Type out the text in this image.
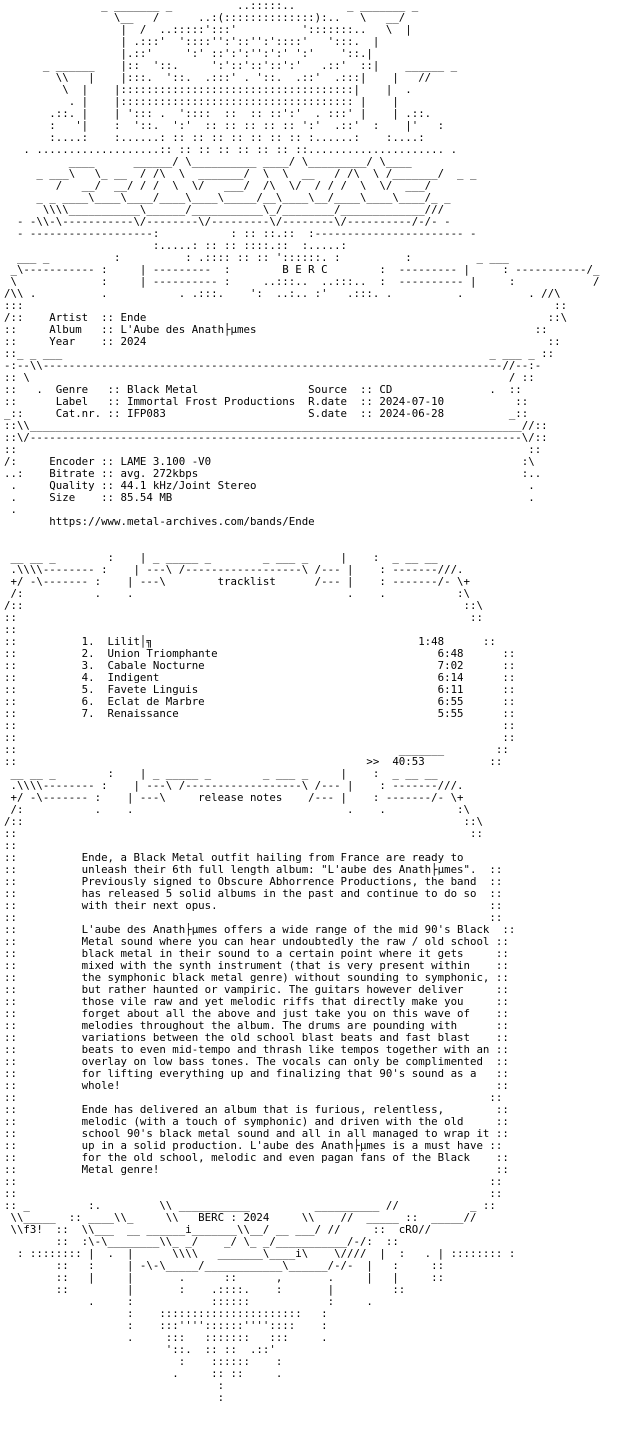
_ _______ _          ..:::::..        _ _______ _
\__   /      ..:(::::::::::::::):..   \   __/
|  /  ..:::::':::'          ':::::::..   \  |
| .:::'  '::::'':'::'':'::::'   ':::.  |
|.::'     ':' ::':':'':':' ':'    '::.|
_ ______    |::  '::.     ':'::'::'::':'   .::'  ::|    ______ _
\\   |    |:::.  '::.  .:::' . '::.  .::'  .:::|    |   //
\  |    |::::::::::::::::::::::::::::::::::::|    |  .
. |    |:::::::::::::::::::::::::::::::::::: |    |
.::. |    | '::: .  '::::  ::  :: ::':'  . :::' |    | .::.
:   '|    :  '::.  ':'  :: :: :: :: :: ':'  .::'  :    |'   :
:....:    :......: :: :: :: :: :: :: :: :......:    :....:
. ...................:: :: :: :: :: :: :: ::..................... .
____      ______/ \__________ ____/ \_________/ \____
_ ___\   \_ __  / /\  \  _______/  \  \  __   / /\  \ /_______/  _ _
/   __/  __/ / /  \  \/   ___/  /\  \/  / / /  \  \/  ___/
_ _ ____\____\____/____\____\_____/__\____\__/____\____\____/_ _
\\\\___________\______/___________\_/________/_____________///
- -\\-\-----------\/--------\/---------\/--------\/----------/-/- -
- -------------------:           : :: ::.::  :----------------------- -
:.....: :: :: ::::.::  :.....:
___ _          :          : .:::: :: :: '::::::. :          :          _ ___
_\----------- :     | ---------  :        B E R C        :  --------- |     : -----------/_
\             :     | ---------- :     ..:::..  ..:::..  :  ---------- |     :            /
/\\ .          .           . .:::.    ':  ..:.. :'   .:::. .          .          . //\
:::                                                                                  ::
/::    Artist  :: Ende                                                              ::\
::     Album   :: L'Aube des Anath├µmes                                           ::
::     Year    :: 2024                                                              ::
::_ _ ___                                                                  _ ___ _ ::
-:--\\-----------------------------------------------------------------------//--:-
:: \                                                                          / ::
::   .  Genre   :: Black Metal                 Source  :: CD               .  ::
::      Label   :: Immortal Frost Productions  R.date  :: 2024-07-10           ::
_::     Cat.nr. :: IFP083                      S.date  :: 2024-06-28          _::
::\\____________________________________________________________________________//::
::\/----------------------------------------------------------------------------\/::
::                                                                               ::
/:     Encoder :: LAME 3.100 -V0                                                :\
..:    Bitrate :: avg. 272kbps                                                  :..
.     Quality :: 44.1 kHz/Joint Stereo                                          .
.     Size    :: 85.54 MB                                                       .
.
https://www.metal-archives.com/bands/Ende
__ __ _        :    | _ _____ _        _ ___ _     |    :  _ __ __
.\\\\-------- :    | ---\ /------------------\ /--- |    : -------///.
+/ -\------- :    | ---\        tracklist      /--- |    : -------/- \+
/:           .    .                                 .    .           :\
/::                                                                    ::\
::                                                                      ::
::
::          1.  Lilit│╗                                         1:48      ::
::          2.  Union Triomphante                                  6:48      ::
::          3.  Cabale Nocturne                                    7:02      ::
::          4.  Indigent                                           6:14      ::
::          5.  Favete Linguis                                     6:11      ::
::          6.  Eclat de Marbre                                    6:55      ::
::          7.  Renaissance                                        5:55      ::
::                                                                           ::
::                                                                           ::
::                                                           _______        ::
::                                                      >>  40:53          ::
__ __ _        :    | _ _____ _        _ ___ _     |    :  _ __ __
.\\\\-------- :    | ---\ /------------------\ /--- |    : -------///.
+/ -\------- :    | ---\     release notes    /--- |    : -------/- \+
/:           .    .                                 .    .           :\
/::                                                                    ::\
::                                                                      ::
::
::          Ende, a Black Metal outfit hailing from France are ready to
::          unleash their 6th full length album: "L'aube des Anath├µmes".  ::
::          Previously signed to Obscure Abhorrence Productions, the band  ::
::          has released 5 solid albums in the past and continue to do so  ::
::          with their next opus.                                          ::
::                                                                         ::
::          L'aube des Anath├µmes offers a wide range of the mid 90's Black  ::
::          Metal sound where you can hear undoubtedly the raw / old school ::
::          black metal in their sound to a certain point where it gets     ::
::          mixed with the synth instrument (that is very present within    ::
::          the symphonic black metal genre) without sounding to symphonic, ::
::          but rather haunted or vampiric. The guitars however deliver     ::
::          those vile raw and yet melodic riffs that directly make you     ::
::          forget about all the above and just take you on this wave of    ::
::          melodies throughout the album. The drums are pounding with      ::
::          variations between the old school blast beats and fast blast    ::
::          beats to even mid-tempo and thrash like tempos together with an ::
::          overlay on low bass tones. The vocals can only be complimented  ::
::          for lifting everything up and finalizing that 90's sound as a   ::
::          whole!                                                          ::
::                                                                         ::
::          Ende has delivered an album that is furious, relentless,        ::
::          melodic (with a touch of symphonic) and driven with the old     ::
::          school 90's black metal sound and all in all managed to wrap it ::
::          up in a solid production. L'aube des Anath├µmes is a must have ::
::          for the old school, melodic and even pagan fans of the Black    ::
::          Metal genre!                                                    ::
::                                                                         ::
::                                                                         ::
:: _         :.         \\ ___________          __________ //           _ ::
\\_____  :: ____\\_     \\   BERC : 2024     \\    //  _____ ::  _____//
\\f3!  ::  \\___  __ ______i_______\\__/ __ ___/ //     ::  cRO//
::  :\-\________\\_ _/    _/ \_ _/___________/-/:  ::
: :::::::: |  .  |      \\\\   _______\____i\    \////  |  :   . | :::::::: :
::   :     | -\-\_____/____________\______/-/-  |   :     ::
::   |     |       .      ::      ,       .     |   |     ::
::         |       :    .::::.    :       |         ::
.     :            ::::::            :     .
:    ::::::::::::::::::::::   :
:    :::''''::::::''''::::    :
.     :::   :::::::   :::     .
'::.  :: ::  .::'
:    ::::::    :
.     :: ::     .
:
:
